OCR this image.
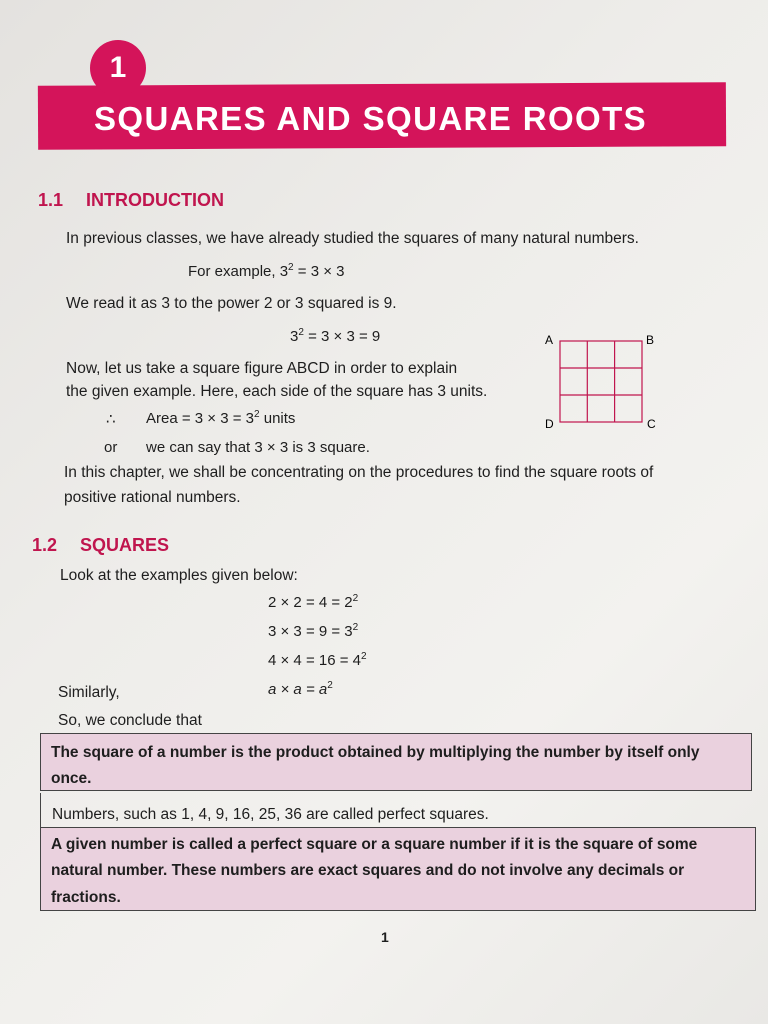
1
SQUARES AND SQUARE ROOTS
1.1 INTRODUCTION
In previous classes, we have already studied the squares of many natural numbers.
For example, $3^2 = 3 \times 3$
We read it as 3 to the power 2 or 3 squared is 9.
$3^2 = 3 \times 3 = 9$
Now, let us take a square figure ABCD in order to explain
the given example. Here, each side of the square has 3 units.
∴ Area = $3 \times 3 = 3^2$ units
or we can say that 3 × 3 is 3 square.
A	B
C
D
In this chapter, we shall be concentrating on the procedures to find the square roots of
positive rational numbers.
1.2 SQUARES
Look at the examples given below:
$2 \times 2 = 4 = 2^2$
$3 \times 3 = 9 = 3^2$
$4 \times 4 = 16 = 4^2$
Similarly,	$a \times a = a^2$
So, we conclude that
The square of a number is the product obtained by multiplying the number by itself only once.
Numbers, such as 1, 4, 9, 16, 25, 36 are called perfect squares.
A given number is called a perfect square or a square number if it is the square of some natural number. These numbers are exact squares and do not involve any decimals or fractions.
1
